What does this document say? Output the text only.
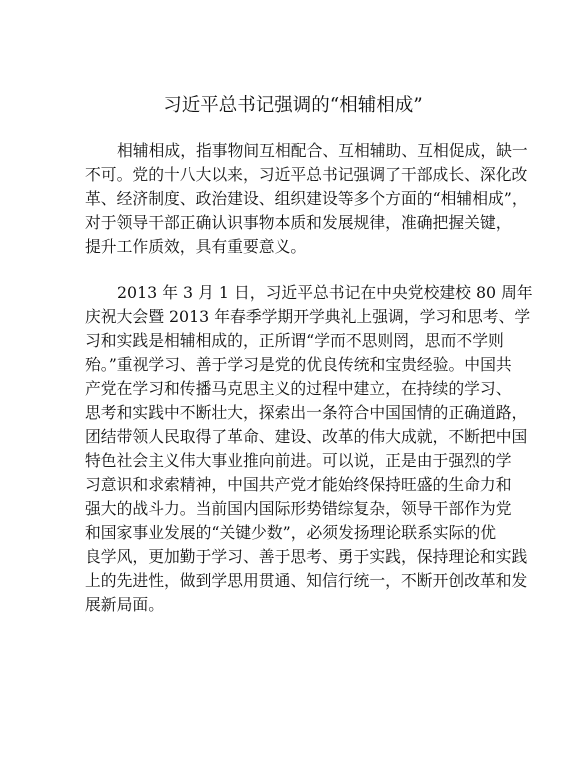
习近平总书记强调的“相辅相成”

相辅相成，指事物间互相配合、互相辅助、互相促成，缺一

不可。党的十八大以来，习近平总书记强调了干部成长、深化改

革、经济制度、政治建设、组织建设等多个方面的“相辅相成”，

对于领导干部正确认识事物本质和发展规律，准确把握关键，

提升工作质效，具有重要意义。

2013 年 3 月 1 日，习近平总书记在中央党校建校 80 周年

庆祝大会暨 2013 年春季学期开学典礼上强调，学习和思考、学

习和实践是相辅相成的，正所谓“学而不思则罔，思而不学则

殆。”重视学习、善于学习是党的优良传统和宝贵经验。中国共

产党在学习和传播马克思主义的过程中建立，在持续的学习、

思考和实践中不断壮大，探索出一条符合中国国情的正确道路，

团结带领人民取得了革命、建设、改革的伟大成就，不断把中国

特色社会主义伟大事业推向前进。可以说，正是由于强烈的学

习意识和求索精神，中国共产党才能始终保持旺盛的生命力和

强大的战斗力。当前国内国际形势错综复杂，领导干部作为党

和国家事业发展的“关键少数”，必须发扬理论联系实际的优

良学风，更加勤于学习、善于思考、勇于实践，保持理论和实践

上的先进性，做到学思用贯通、知信行统一，不断开创改革和发

展新局面。
